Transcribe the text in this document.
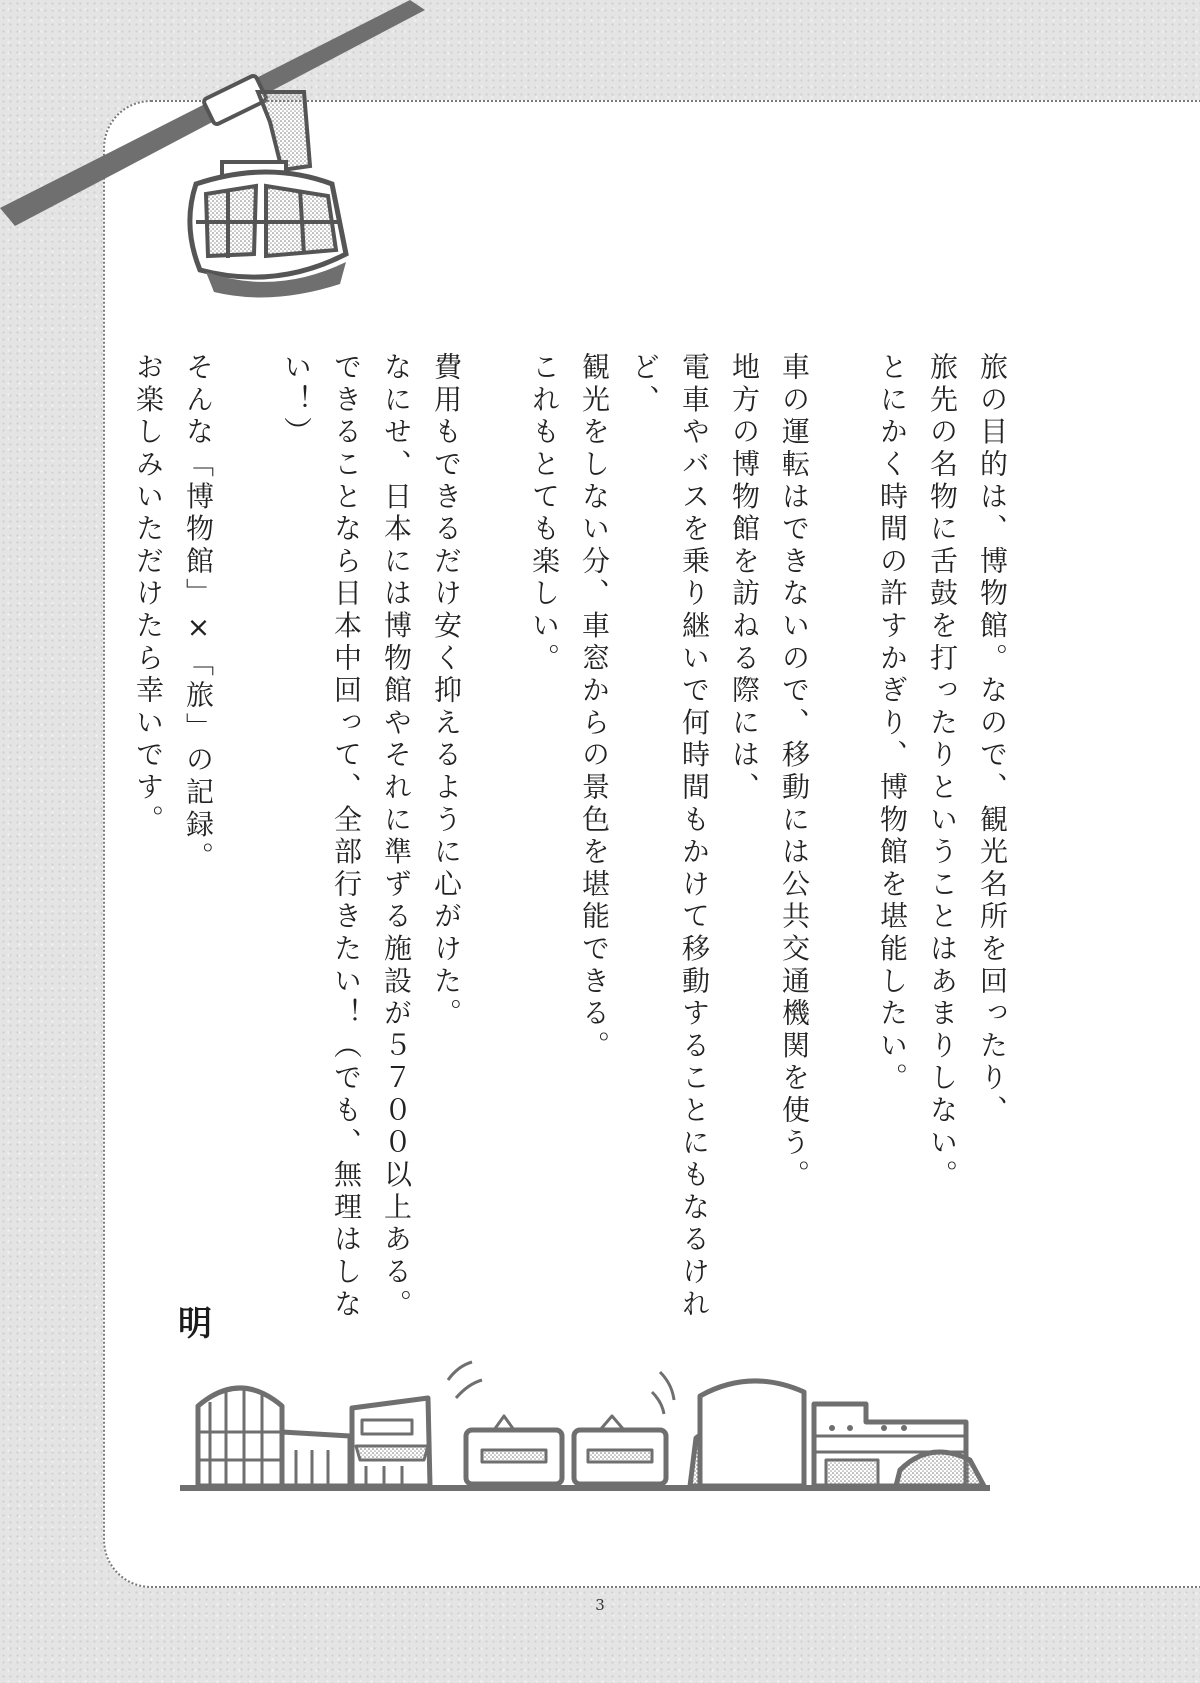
旅の目的は、博物館。なので、観光名所を回ったり、

旅先の名物に舌鼓を打ったりということはあまりしない。

とにかく時間の許すかぎり、博物館を堪能したい。

車の運転はできないので、移動には公共交通機関を使う。

地方の博物館を訪ねる際には、

電車やバスを乗り継いで何時間もかけて移動することにもなるけれど、

観光をしない分、車窓からの景色を堪能できる。

これもとても楽しい。

費用もできるだけ安く抑えるように心がけた。

なにせ、日本には博物館やそれに準ずる施設が５７００以上ある。

できることなら日本中回って、全部行きたい！（でも、無理はしない！）

そんな「博物館」×「旅」の記録。

お楽しみいただけたら幸いです。

明
3
